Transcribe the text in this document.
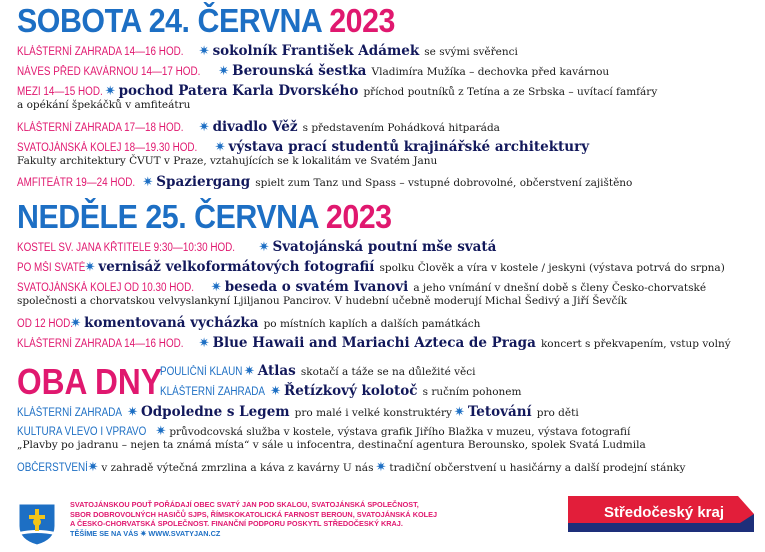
SOBOTA 24. ČERVNA 2023
KLÁŠTERNÍ ZAHRADA 14—16 HOD. ✷ sokolník František Adámek se svými svěřenci
NÁVES PŘED KAVÁRNOU 14—17 HOD. ✷ Berounská šestka Vladimíra Mužíka – dechovka před kavárnou
MEZI 14—15 HOD. ✷ pochod Patera Karla Dvorského příchod poutníků z Tetína a ze Srbska – uvítací famfáry
a opékání špekáčků v amfiteátru
KLÁŠTERNÍ ZAHRADA 17—18 HOD. ✷ divadlo Věž s představením Pohádková hitparáda
SVATOJÁNSKÁ KOLEJ 18—19.30 HOD. ✷ výstava prací studentů krajinářské architektury
Fakulty architektury ČVUT v Praze, vztahujících se k lokalitám ve Svatém Janu
AMFITEÁTR 19—24 HOD. ✷ Spaziergang spielt zum Tanz und Spass – vstupné dobrovolné, občerstvení zajištěno
NEDĚLE 25. ČERVNA 2023
KOSTEL SV. JANA KŘTITELE 9:30—10:30 HOD. ✷ Svatojánská poutní mše svatá
PO MŠI SVATÉ✷ vernisáž velkoformátových fotografií spolku Člověk a víra v kostele / jeskyni (výstava potrvá do srpna)
SVATOJÁNSKÁ KOLEJ OD 10.30 HOD. ✷ beseda o svatém Ivanovi a jeho vnímání v dnešní době s členy Česko-chorvatské
společnosti a chorvatskou velvyslankyní Ljiljanou Pancirov. V hudební učebně moderují Michal Šedivý a Jiří Ševčík
OD 12 HOD.✷ komentovaná vycházka po místních kaplích a dalších památkách
KLÁŠTERNÍ ZAHRADA 14—16 HOD. ✷ Blue Hawaii and Mariachi Azteca de Praga koncert s překvapením, vstup volný
OBA DNY
POULIČNÍ KLAUN✷ Atlas skotačí a táže se na důležité věci
KLÁŠTERNÍ ZAHRADA ✷ Řetízkový kolotoč s ručním pohonem
KLÁŠTERNÍ ZAHRADA ✷ Odpoledne s Legem pro malé i velké konstruktéry ✷ Tetování pro děti
KULTURA VLEVO I VPRAVO ✷ průvodcovská služba v kostele, výstava grafik Jiřího Blažka v muzeu, výstava fotografií
„Plavby po jadranu – nejen ta známá místa“ v sále u infocentra, destinační agentura Berounsko, spolek Svatá Ludmila
OBČERSTVENÍ✷ v zahradě výtečná zmrzlina a káva z kavárny U nás ✷ tradiční občerstvení u hasičárny a další prodejní stánky
SVATOJÁNSKOU POUŤ POŘÁDAJÍ OBEC SVATÝ JAN POD SKALOU, SVATOJÁNSKÁ SPOLEČNOST,
SBOR DOBROVOLNÝCH HASIČŮ SJPS, ŘÍMSKOKATOLICKÁ FARNOST BEROUN, SVATOJÁNSKÁ KOLEJ
A ČESKO-CHORVATSKÁ SPOLEČNOST. FINANČNÍ PODPORU POSKYTL STŘEDOČESKÝ KRAJ.
TĚŠÍME SE NA VÁS ✷ WWW.SVATYJAN.CZ
Středočeský kraj
